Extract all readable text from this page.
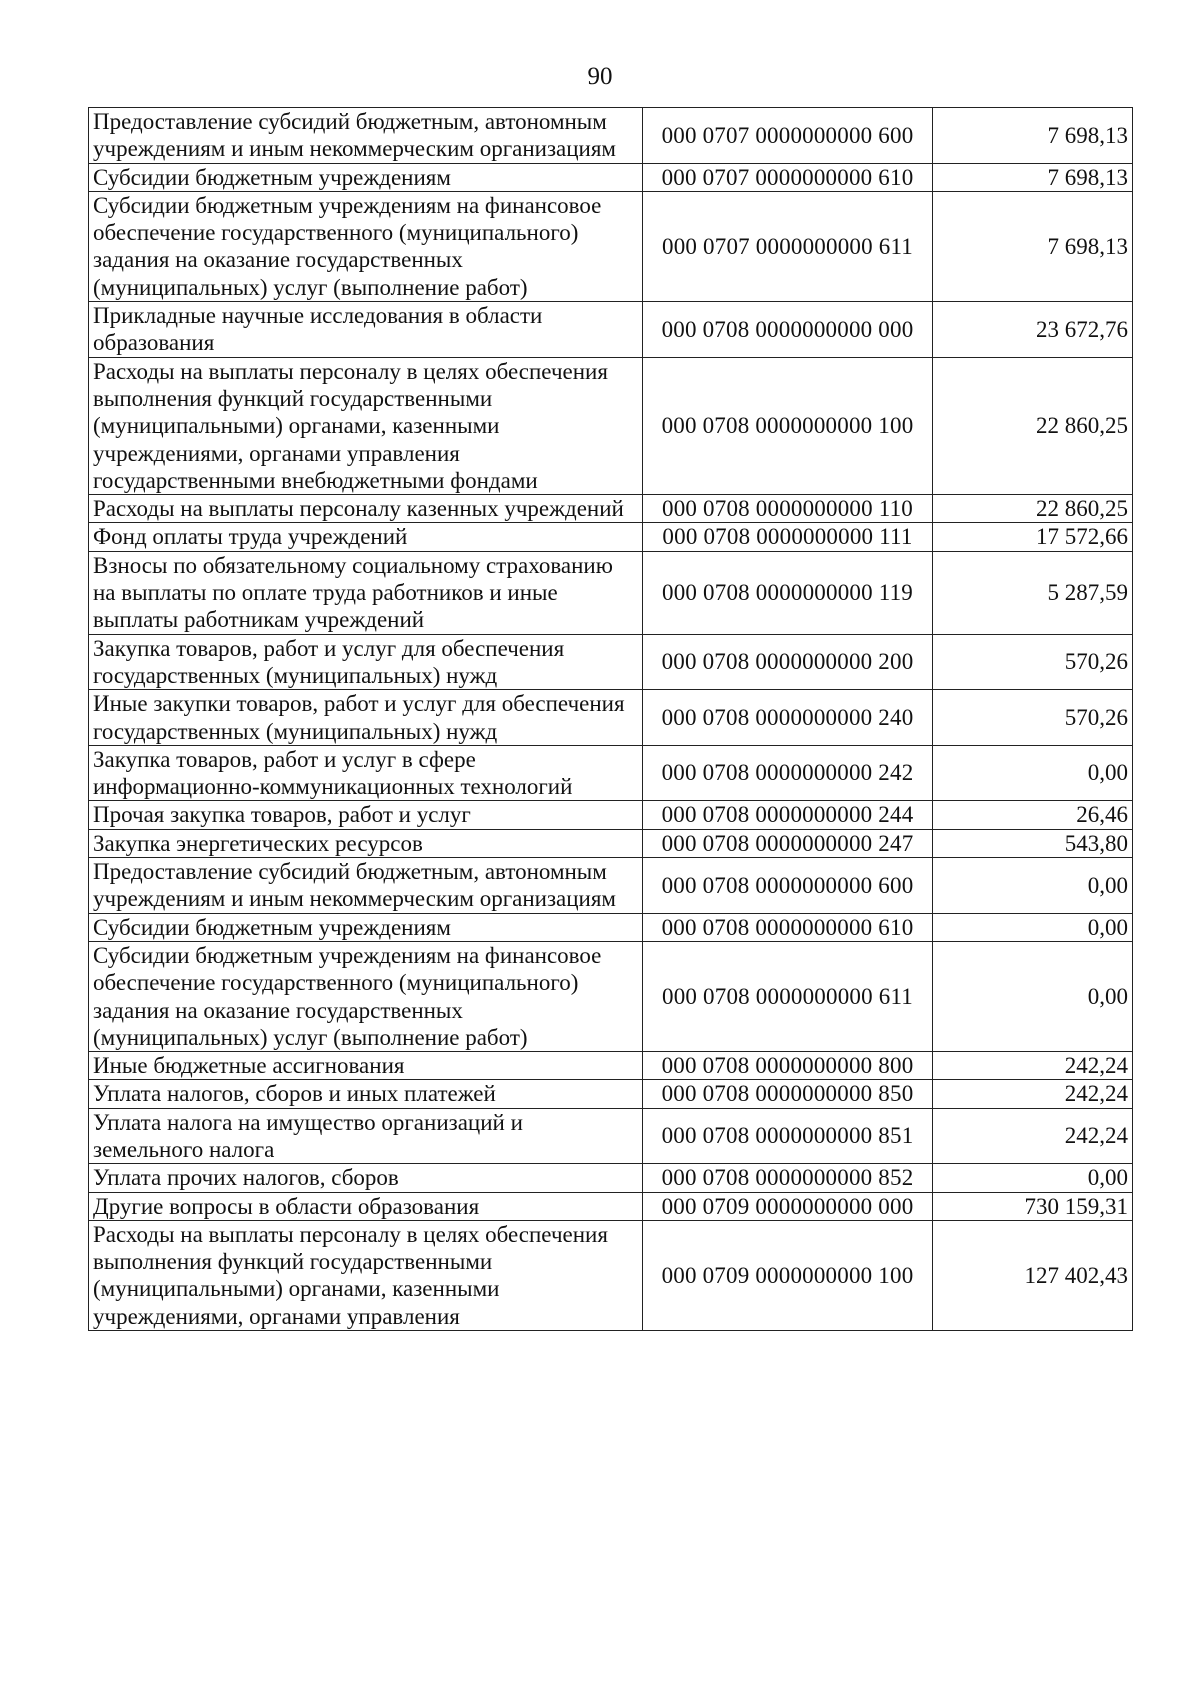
90
Предоставление субсидий бюджетным, автономным учреждениям и иным некоммерческим организациям	000 0707 0000000000 600	7 698,13
Субсидии бюджетным учреждениям	000 0707 0000000000 610	7 698,13
Субсидии бюджетным учреждениям на финансовое обеспечение государственного (муниципального) задания на оказание государственных (муниципальных) услуг (выполнение работ)	000 0707 0000000000 611	7 698,13
Прикладные научные исследования в области образования	000 0708 0000000000 000	23 672,76
Расходы на выплаты персоналу в целях обеспечения выполнения функций государственными (муниципальными) органами, казенными учреждениями, органами управления государственными внебюджетными фондами	000 0708 0000000000 100	22 860,25
Расходы на выплаты персоналу казенных учреждений	000 0708 0000000000 110	22 860,25
Фонд оплаты труда учреждений	000 0708 0000000000 111	17 572,66
Взносы по обязательному социальному страхованию на выплаты по оплате труда работников и иные выплаты работникам учреждений	000 0708 0000000000 119	5 287,59
Закупка товаров, работ и услуг для обеспечения государственных (муниципальных) нужд	000 0708 0000000000 200	570,26
Иные закупки товаров, работ и услуг для обеспечения государственных (муниципальных) нужд	000 0708 0000000000 240	570,26
Закупка товаров, работ и услуг в сфере информационно-коммуникационных технологий	000 0708 0000000000 242	0,00
Прочая закупка товаров, работ и услуг	000 0708 0000000000 244	26,46
Закупка энергетических ресурсов	000 0708 0000000000 247	543,80
Предоставление субсидий бюджетным, автономным учреждениям и иным некоммерческим организациям	000 0708 0000000000 600	0,00
Субсидии бюджетным учреждениям	000 0708 0000000000 610	0,00
Субсидии бюджетным учреждениям на финансовое обеспечение государственного (муниципального) задания на оказание государственных (муниципальных) услуг (выполнение работ)	000 0708 0000000000 611	0,00
Иные бюджетные ассигнования	000 0708 0000000000 800	242,24
Уплата налогов, сборов и иных платежей	000 0708 0000000000 850	242,24
Уплата налога на имущество организаций и земельного налога	000 0708 0000000000 851	242,24
Уплата прочих налогов, сборов	000 0708 0000000000 852	0,00
Другие вопросы в области образования	000 0709 0000000000 000	730 159,31
Расходы на выплаты персоналу в целях обеспечения выполнения функций государственными (муниципальными) органами, казенными учреждениями, органами управления	000 0709 0000000000 100	127 402,43
